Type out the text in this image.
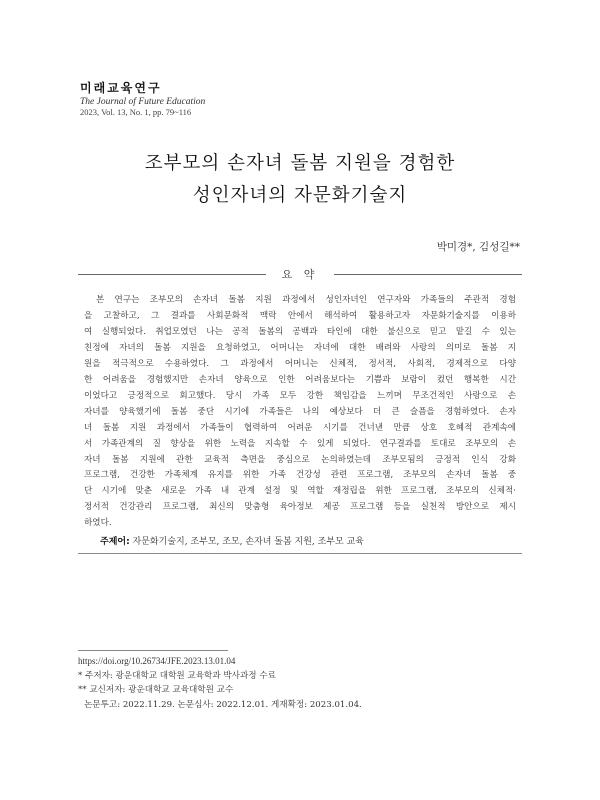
미래교육연구
The Journal of Future Education
2023, Vol. 13, No. 1, pp. 79~116
조부모의 손자녀 돌봄 지원을 경험한
성인자녀의 자문화기술지
박미경*, 김성길**
요 약
본 연구는 조부모의 손자녀 돌봄 지원 과정에서 성인자녀인 연구자와 가족들의 주관적 경험
을 고찰하고, 그 결과를 사회문화적 맥락 안에서 해석하여 활용하고자 자문화기술지를 이용하
여 실행되었다. 취업모였던 나는 공적 돌봄의 공백과 타인에 대한 불신으로 믿고 맡길 수 있는
친정에 자녀의 돌봄 지원을 요청하였고, 어머니는 자녀에 대한 배려와 사랑의 의미로 돌봄 지
원을 적극적으로 수용하였다. 그 과정에서 어머니는 신체적, 정서적, 사회적, 경제적으로 다양
한 어려움을 경험했지만 손자녀 양육으로 인한 어려움보다는 기쁨과 보람이 컸던 행복한 시간
이었다고 긍정적으로 회고했다. 당시 가족 모두 강한 책임감을 느끼며 무조건적인 사랑으로 손
자녀를 양육했기에 돌봄 중단 시기에 가족들은 나의 예상보다 더 큰 슬픔을 경험하였다. 손자
녀 돌봄 지원 과정에서 가족들이 협력하여 어려운 시기를 건너낸 만큼 상호 호혜적 관계속에
서 가족관계의 질 향상을 위한 노력을 지속할 수 있게 되었다. 연구결과를 토대로 조부모의 손
자녀 돌봄 지원에 관한 교육적 측면을 중심으로 논의하였는데 조부모됨의 긍정적 인식 강화
프로그램, 건강한 가족체계 유지를 위한 가족 건강성 관련 프로그램, 조부모의 손자녀 돌봄 중
단 시기에 맞춘 새로운 가족 내 관계 설정 및 역할 재정립을 위한 프로그램, 조부모의 신체적·
정서적 건강관리 프로그램, 최신의 맞춤형 육아정보 제공 프로그램 등을 실천적 방안으로 제시
하였다.
주제어: 자문화기술지, 조부모, 조모, 손자녀 돌봄 지원, 조부모 교육
https://doi.org/10.26734/JFE.2023.13.01.04
* 주저자: 광운대학교 대학원 교육학과 박사과정 수료
** 교신저자: 광운대학교 교육대학원 교수
논문투고: 2022.11.29. 논문심사: 2022.12.01. 게재확정: 2023.01.04.
